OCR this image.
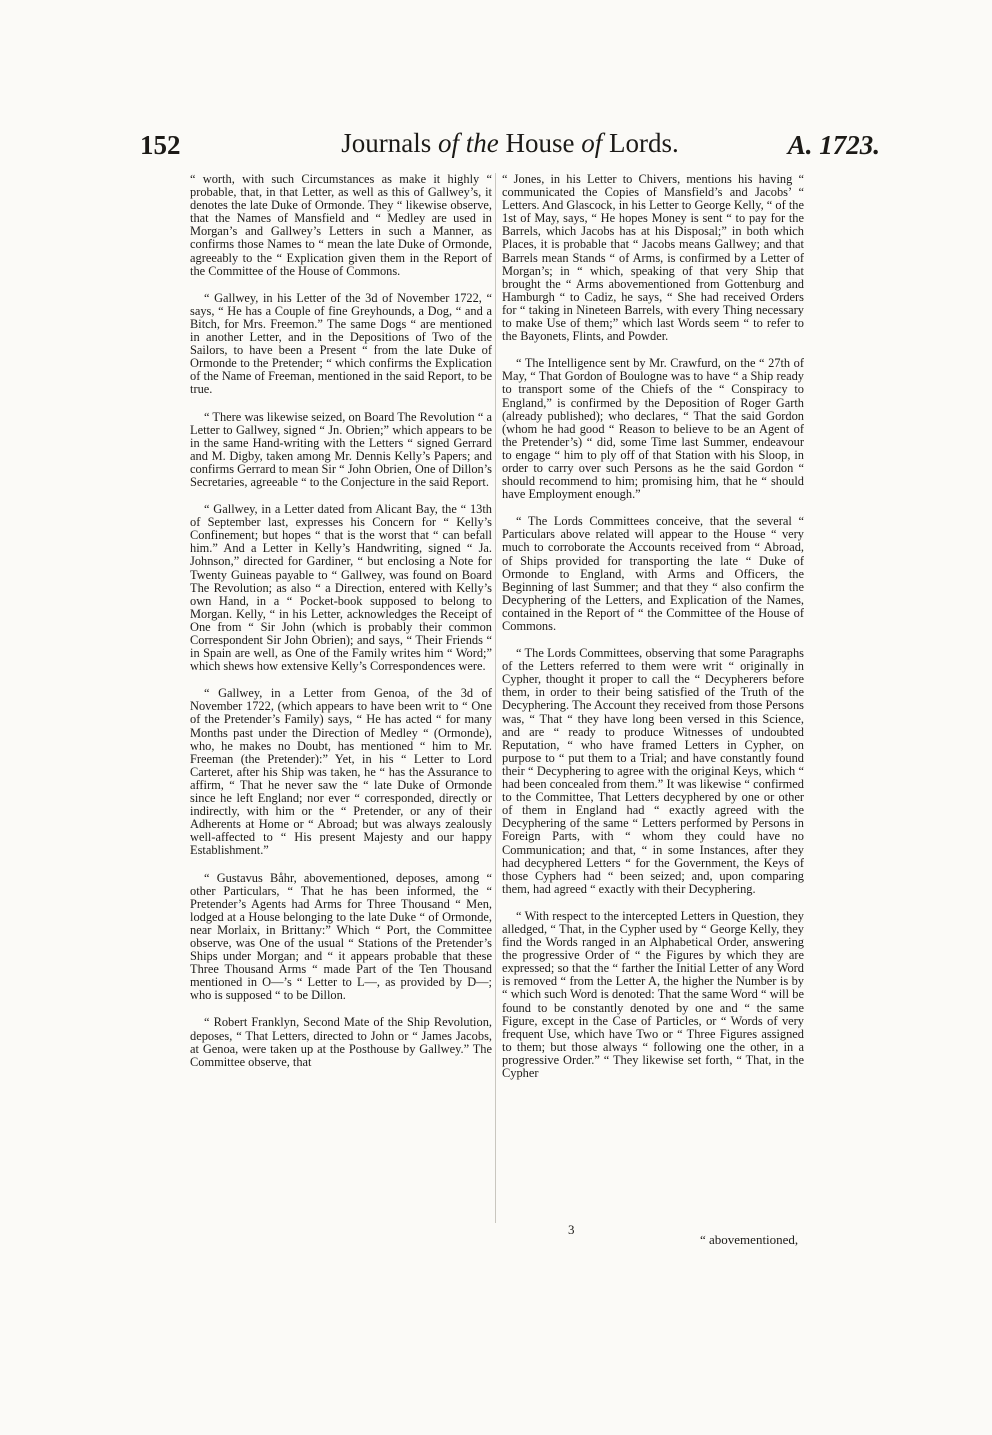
152	Journals of the House of Lords.	A. 1723.

“ worth, with such Circumstances as make it highly “ probable, that, in that Letter, as well as this of Gallwey’s, it denotes the late Duke of Ormonde. They “ likewise observe, that the Names of Mansfield and “ Medley are used in Morgan’s and Gallwey’s Letters in such a Manner, as confirms those Names to “ mean the late Duke of Ormonde, agreeably to the “ Explication given them in the Report of the Committee of the House of Commons.

“ Gallwey, in his Letter of the 3d of November 1722, “ says, “ He has a Couple of fine Greyhounds, a Dog, “ and a Bitch, for Mrs. Freemon.” The same Dogs “ are mentioned in another Letter, and in the Depositions of Two of the Sailors, to have been a Present “ from the late Duke of Ormonde to the Pretender; “ which confirms the Explication of the Name of Freeman, mentioned in the said Report, to be true.

“ There was likewise seized, on Board The Revolution “ a Letter to Gallwey, signed “ Jn. Obrien;” which appears to be in the same Hand-writing with the Letters “ signed Gerrard and M. Digby, taken among Mr. Dennis Kelly’s Papers; and confirms Gerrard to mean Sir “ John Obrien, One of Dillon’s Secretaries, agreeable “ to the Conjecture in the said Report.

“ Gallwey, in a Letter dated from Alicant Bay, the “ 13th of September last, expresses his Concern for “ Kelly’s Confinement; but hopes “ that is the worst that “ can befall him.” And a Letter in Kelly’s Handwriting, signed “ Ja. Johnson,” directed for Gardiner, “ but enclosing a Note for Twenty Guineas payable to “ Gallwey, was found on Board The Revolution; as also “ a Direction, entered with Kelly’s own Hand, in a “ Pocket-book supposed to belong to Morgan. Kelly, “ in his Letter, acknowledges the Receipt of One from “ Sir John (which is probably their common Correspondent Sir John Obrien); and says, “ Their Friends “ in Spain are well, as One of the Family writes him “ Word;” which shews how extensive Kelly’s Correspondences were.

“ Gallwey, in a Letter from Genoa, of the 3d of November 1722, (which appears to have been writ to “ One of the Pretender’s Family) says, “ He has acted “ for many Months past under the Direction of Medley “ (Ormonde), who, he makes no Doubt, has mentioned “ him to Mr. Freeman (the Pretender):” Yet, in his “ Letter to Lord Carteret, after his Ship was taken, he “ has the Assurance to affirm, “ That he never saw the “ late Duke of Ormonde since he left England; nor ever “ corresponded, directly or indirectly, with him or the “ Pretender, or any of their Adherents at Home or “ Abroad; but was always zealously well-affected to “ His present Majesty and our happy Establishment.”

“ Gustavus Båhr, abovementioned, deposes, among “ other Particulars, “ That he has been informed, the “ Pretender’s Agents had Arms for Three Thousand “ Men, lodged at a House belonging to the late Duke “ of Ormonde, near Morlaix, in Brittany:” Which “ Port, the Committee observe, was One of the usual “ Stations of the Pretender’s Ships under Morgan; and “ it appears probable that these Three Thousand Arms “ made Part of the Ten Thousand mentioned in O—’s “ Letter to L—, as provided by D—; who is supposed “ to be Dillon.

“ Robert Franklyn, Second Mate of the Ship Revolution, deposes, “ That Letters, directed to John or “ James Jacobs, at Genoa, were taken up at the Posthouse by Gallwey.” The Committee observe, that

“ Jones, in his Letter to Chivers, mentions his having “ communicated the Copies of Mansfield’s and Jacobs’ “ Letters. And Glascock, in his Letter to George Kelly, “ of the 1st of May, says, “ He hopes Money is sent “ to pay for the Barrels, which Jacobs has at his Disposal;” in both which Places, it is probable that “ Jacobs means Gallwey; and that Barrels mean Stands “ of Arms, is confirmed by a Letter of Morgan’s; in “ which, speaking of that very Ship that brought the “ Arms abovementioned from Gottenburg and Hamburgh “ to Cadiz, he says, “ She had received Orders for “ taking in Nineteen Barrels, with every Thing necessary to make Use of them;” which last Words seem “ to refer to the Bayonets, Flints, and Powder.

“ The Intelligence sent by Mr. Crawfurd, on the “ 27th of May, “ That Gordon of Boulogne was to have “ a Ship ready to transport some of the Chiefs of the “ Conspiracy to England,” is confirmed by the Deposition of Roger Garth (already published); who declares, “ That the said Gordon (whom he had good “ Reason to believe to be an Agent of the Pretender’s) “ did, some Time last Summer, endeavour to engage “ him to ply off of that Station with his Sloop, in order to carry over such Persons as he the said Gordon “ should recommend to him; promising him, that he “ should have Employment enough.”

“ The Lords Committees conceive, that the several “ Particulars above related will appear to the House “ very much to corroborate the Accounts received from “ Abroad, of Ships provided for transporting the late “ Duke of Ormonde to England, with Arms and Officers, the Beginning of last Summer; and that they “ also confirm the Decyphering of the Letters, and Explication of the Names, contained in the Report of “ the Committee of the House of Commons.

“ The Lords Committees, observing that some Paragraphs of the Letters referred to them were writ “ originally in Cypher, thought it proper to call the “ Decypherers before them, in order to their being satisfied of the Truth of the Decyphering. The Account they received from those Persons was, “ That “ they have long been versed in this Science, and are “ ready to produce Witnesses of undoubted Reputation, “ who have framed Letters in Cypher, on purpose to “ put them to a Trial; and have constantly found their “ Decyphering to agree with the original Keys, which “ had been concealed from them.” It was likewise “ confirmed to the Committee, That Letters decyphered by one or other of them in England had “ exactly agreed with the Decyphering of the same “ Letters performed by Persons in Foreign Parts, with “ whom they could have no Communication; and that, “ in some Instances, after they had decyphered Letters “ for the Government, the Keys of those Cyphers had “ been seized; and, upon comparing them, had agreed “ exactly with their Decyphering.

“ With respect to the intercepted Letters in Question, they alledged, “ That, in the Cypher used by “ George Kelly, they find the Words ranged in an Alphabetical Order, answering the progressive Order of “ the Figures by which they are expressed; so that the “ farther the Initial Letter of any Word is removed “ from the Letter A, the higher the Number is by “ which such Word is denoted: That the same Word “ will be found to be constantly denoted by one and “ the same Figure, except in the Case of Particles, or “ Words of very frequent Use, which have Two or “ Three Figures assigned to them; but those always “ following one the other, in a progressive Order.” “ They likewise set forth, “ That, in the Cypher

3
“ abovementioned,
